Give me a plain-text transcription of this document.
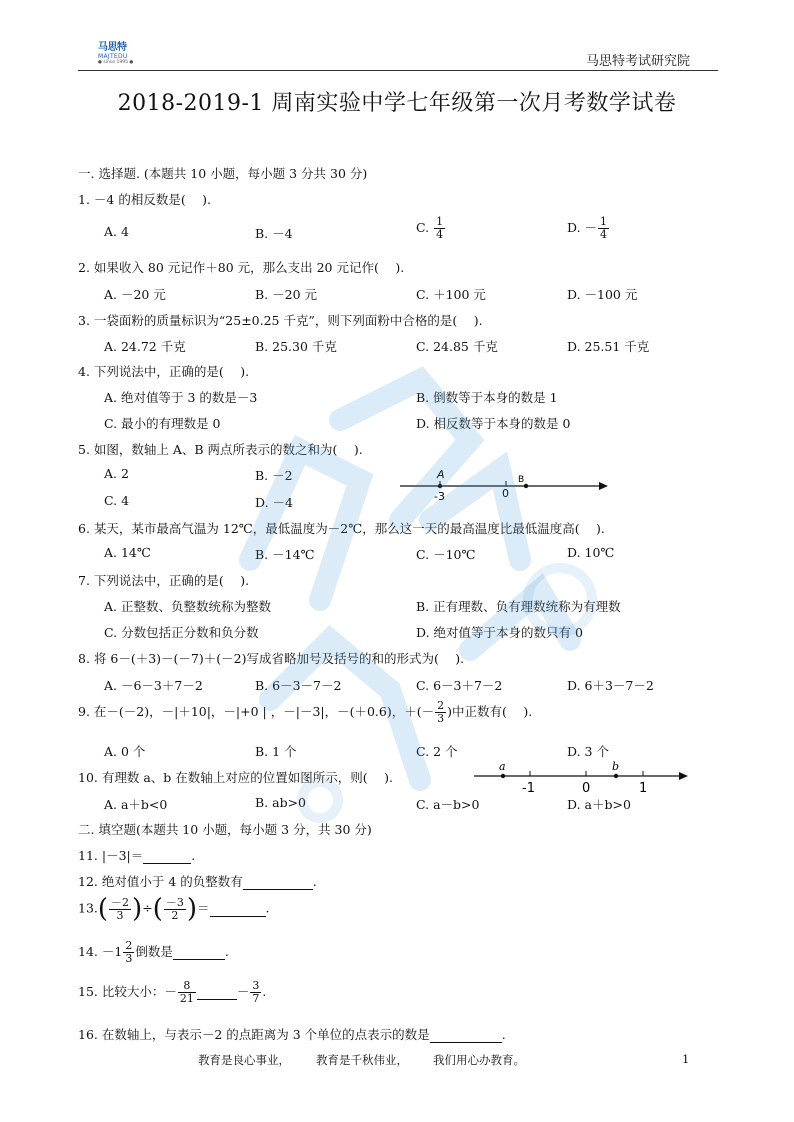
马思特
MAJTEDU
● since 1995 ●	马思特考试研究院
2018-2019-1 周南实验中学七年级第一次月考数学试卷
一. 选择题. (本题共 10 小题，每小题 3 分共 30 分)
1. －4 的相反数是(　 ).
A. 4	B. －4	C. $\frac{1}{4}$	D. － $\frac{1}{4}$
2. 如果收入 80 元记作＋80 元，那么支出 20 元记作(　 ).
A. －20 元	B. －20 元	C. ＋100 元	D. －100 元
3. 一袋面粉的质量标识为“25±0.25 千克”，则下列面粉中合格的是(　 ).
A. 24.72 千克	B. 25.30 千克	C. 24.85 千克	D. 25.51 千克
4. 下列说法中，正确的是(　 ).
A. 绝对值等于 3 的数是－3	B. 倒数等于本身的数是 1
C. 最小的有理数是 0	D. 相反数等于本身的数是 0
5. 如图，数轴上 A、B 两点所表示的数之和为(　 ).
A. 2	B. －2
C. 4	D. －4
A	B
-3	0
6. 某天，某市最高气温为 12℃，最低温度为－2℃，那么这一天的最高温度比最低温度高(　 ).
A. 14℃	B. －14℃	C. －10℃	D. 10℃
7. 下列说法中，正确的是(　 ).
A. 正整数、负整数统称为整数	B. 正有理数、负有理数统称为有理数
C. 分数包括正分数和负分数	D. 绝对值等于本身的数只有 0
8. 将 6－(＋3)－(－7)＋(－2)写成省略加号及括号的和的形式为(　 ).
A. －6－3＋7－2	B. 6－3－7－2	C. 6－3＋7－2	D. 6＋3－7－2
9. 在－(－2)，－|＋10|，－|+0 | ，－|－3|，－(＋0.6)，＋(－ $\frac{2}{3}$ )中正数有(　 ).
A. 0 个	B. 1 个	C. 2 个	D. 3 个
10. 有理数 a、b 在数轴上对应的位置如图所示，则(　 ).
A. a＋b<0	B. ab>0	C. a－b>0	D. a＋b>0
a	b
-1	0	1
二. 填空题(本题共 10 小题，每小题 3 分，共 30 分)
11. |－3|＝	.
12. 绝对值小于 4 的负整数有	.
$13.( \frac{-2}{3}$ )÷( $\frac{-3}{2}$ )＝	.
14. $-1 \frac{2}{3}$ 倒数是	.
15. 比较大小：－ $\frac{8}{21}$	－ $\frac{3}{7}$ .
16. 在数轴上，与表示－2 的点距离为 3 个单位的点表示的数是	.
教育是良心事业， 教育是千秋伟业， 我们用心办教育。	1
